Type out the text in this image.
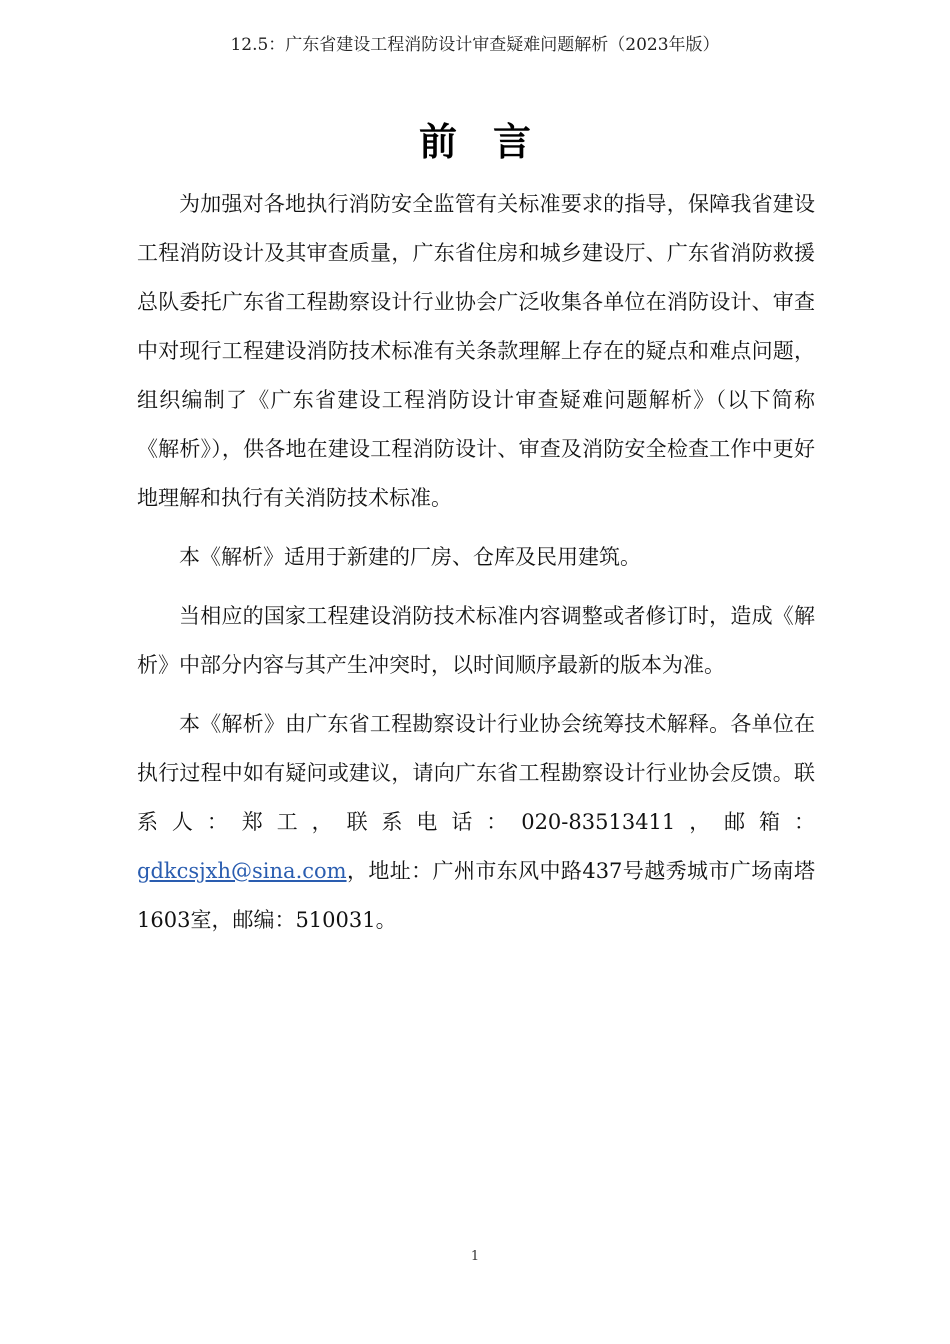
12.5：广东省建设工程消防设计审查疑难问题解析（2023年版）
前言

为加强对各地执行消防安全监管有关标准要求的指导，保障我省建设工程消防设计及其审查质量，广东省住房和城乡建设厅、广东省消防救援总队委托广东省工程勘察设计行业协会广泛收集各单位在消防设计、审查中对现行工程建设消防技术标准有关条款理解上存在的疑点和难点问题，组织编制了《广东省建设工程消防设计审查疑难问题解析》（以下简称《解析》），供各地在建设工程消防设计、审查及消防安全检查工作中更好地理解和执行有关消防技术标准。

本《解析》适用于新建的厂房、仓库及民用建筑。

当相应的国家工程建设消防技术标准内容调整或者修订时，造成《解析》中部分内容与其产生冲突时，以时间顺序最新的版本为准。

本《解析》由广东省工程勘察设计行业协会统筹技术解释。各单位在执行过程中如有疑问或建议，请向广东省工程勘察设计行业协会反馈。联系人：郑工，联系电话：020-83513411，邮箱：gdkcsjxh@sina.com，地址：广州市东风中路437号越秀城市广场南塔1603室，邮编：510031。

1
